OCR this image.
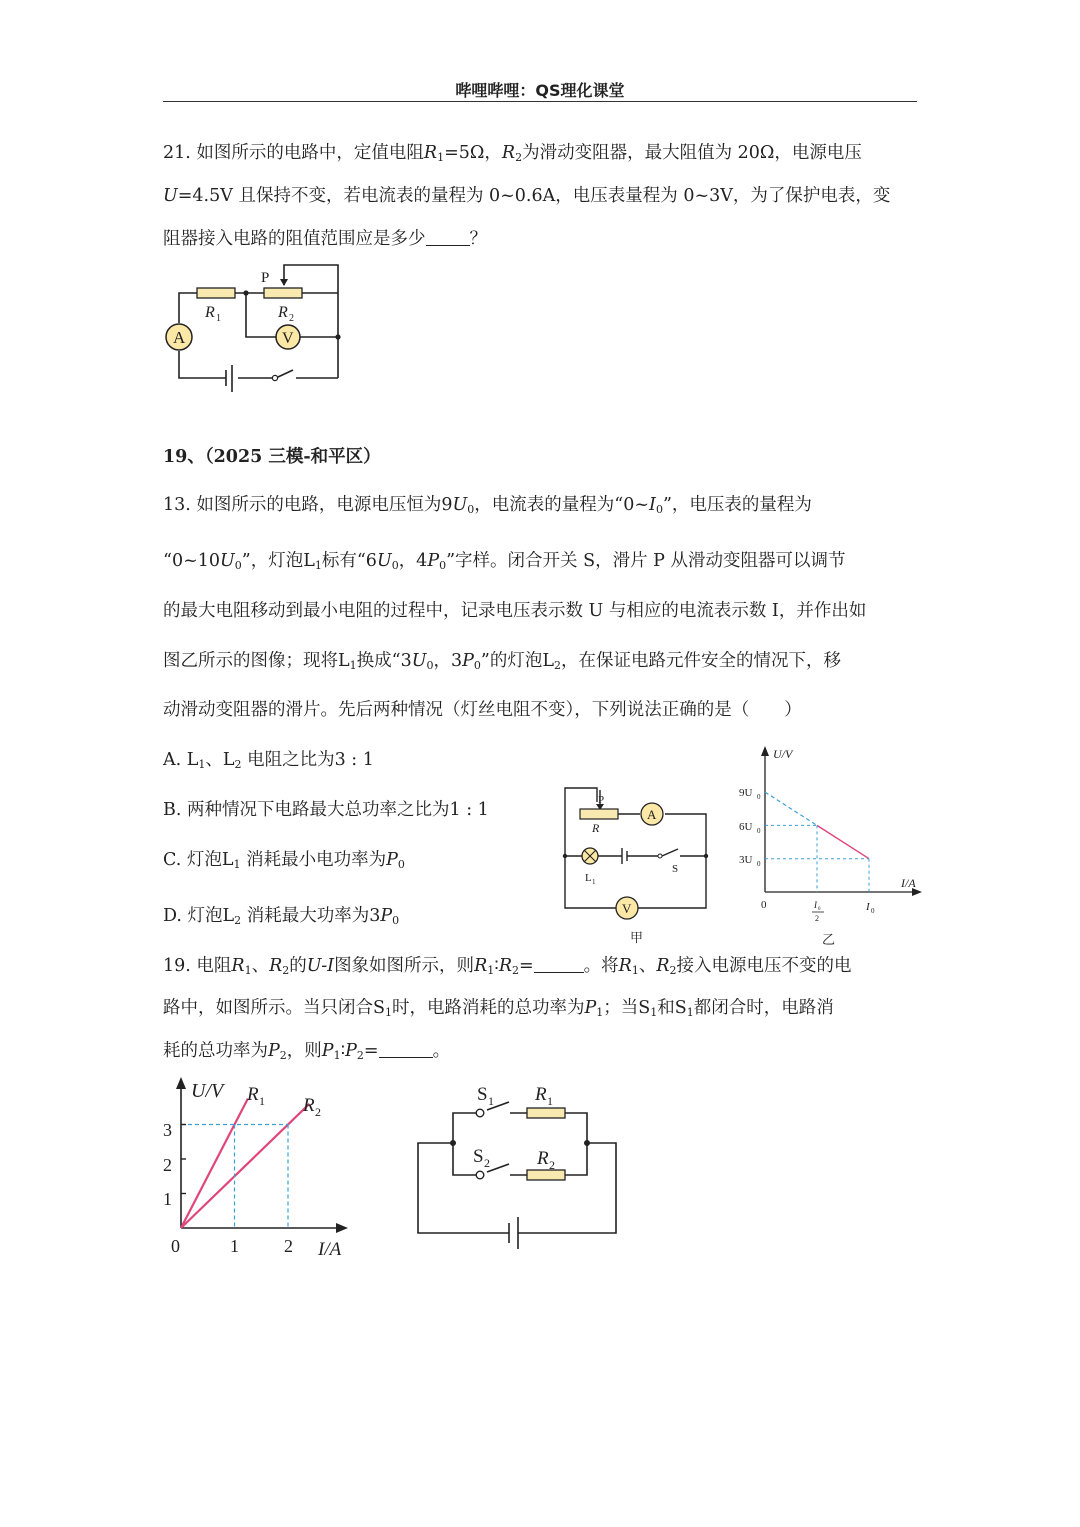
哔哩哔哩：QS理化课堂
21. 如图所示的电路中，定值电阻$R_1=5\Omega$，$R_2$为滑动变阻器，最大阻值为 20Ω，电源电压
U=4.5V 且保持不变，若电流表的量程为 0~0.6A，电压表量程为 0~3V，为了保护电表，变
阻器接入电路的阻值范围应是多少	？
A	V
P
R 1	R 2
19、（2025 三模-和平区）
13. 如图所示的电路，电源电压恒为$9U_0$，电流表的量程为“$0\sim I_0$”，电压表的量程为
“$0\sim 10U_0$”，灯泡$L_1$标有“$6U_0$，$4P_0$”字样。闭合开关 S，滑片 P 从滑动变阻器可以调节
的最大电阻移动到最小电阻的过程中，记录电压表示数 U 与相应的电流表示数 I，并作出如
图乙所示的图像；现将$L_1$换成“$3U_0$，$3P_0$”的灯泡$L_2$，在保证电路元件安全的情况下，移
动滑动变阻器的滑片。先后两种情况（灯丝电阻不变），下列说法正确的是（　　）
A. $L_1$、$L_2$ 电阻之比为3 : 1
B. 两种情况下电路最大总功率之比为1 : 1
C. 灯泡$L_1$ 消耗最小电功率为$P_0$
D. 灯泡$L_2$ 消耗最大功率为$3P_0$
P
R
A
L 1
S
V
甲
U/V
I/A
9U 0
6U 0
3U 0
0	I 0
2
I 0
乙
19. 电阻$R_1$、$R_2$的U-I图象如图所示，则$R_1∶R_2=$	。将$R_1$、$R_2$接入电源电压不变的电
路中，如图所示。当只闭合$S_1$时，电路消耗的总功率为$P_1$；当$S_1$和$S_1$都闭合时，电路消
耗的总功率为$P_2$，则$P_1∶P_2=$	。
U/V
I/A
R 1 R 2
3
2
1
0	1	2
S 1 R 1
S 2 R 2
